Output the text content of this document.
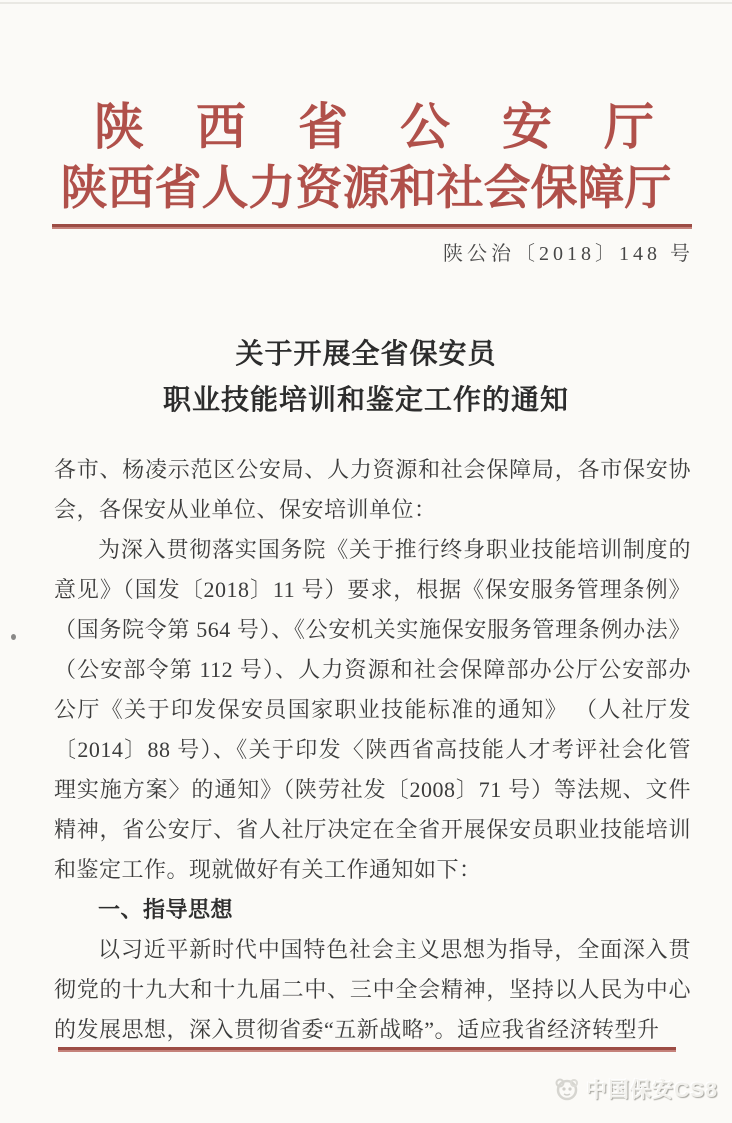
陕西省公安厅
陕西省人力资源和社会保障厅
陕公治〔2018〕148 号
关于开展全省保安员
职业技能培训和鉴定工作的通知

各市、杨凌示范区公安局、人力资源和社会保障局，各市保安协会，各保安从业单位、保安培训单位：

为深入贯彻落实国务院《关于推行终身职业技能培训制度的意见》（国发〔2018〕11 号）要求，根据《保安服务管理条例》（国务院令第 564 号）、《公安机关实施保安服务管理条例办法》（公安部令第 112 号）、人力资源和社会保障部办公厅公安部办公厅《关于印发保安员国家职业技能标准的通知》 （人社厅发〔2014〕88 号）、《关于印发〈陕西省高技能人才考评社会化管理实施方案〉的通知》（陕劳社发〔2008〕71 号）等法规、文件精神，省公安厅、省人社厅决定在全省开展保安员职业技能培训和鉴定工作。现就做好有关工作通知如下：

一、指导思想

以习近平新时代中国特色社会主义思想为指导，全面深入贯彻党的十九大和十九届二中、三中全会精神，坚持以人民为中心的发展思想，深入贯彻省委“五新战略”。适应我省经济转型升

中国保安CS8
